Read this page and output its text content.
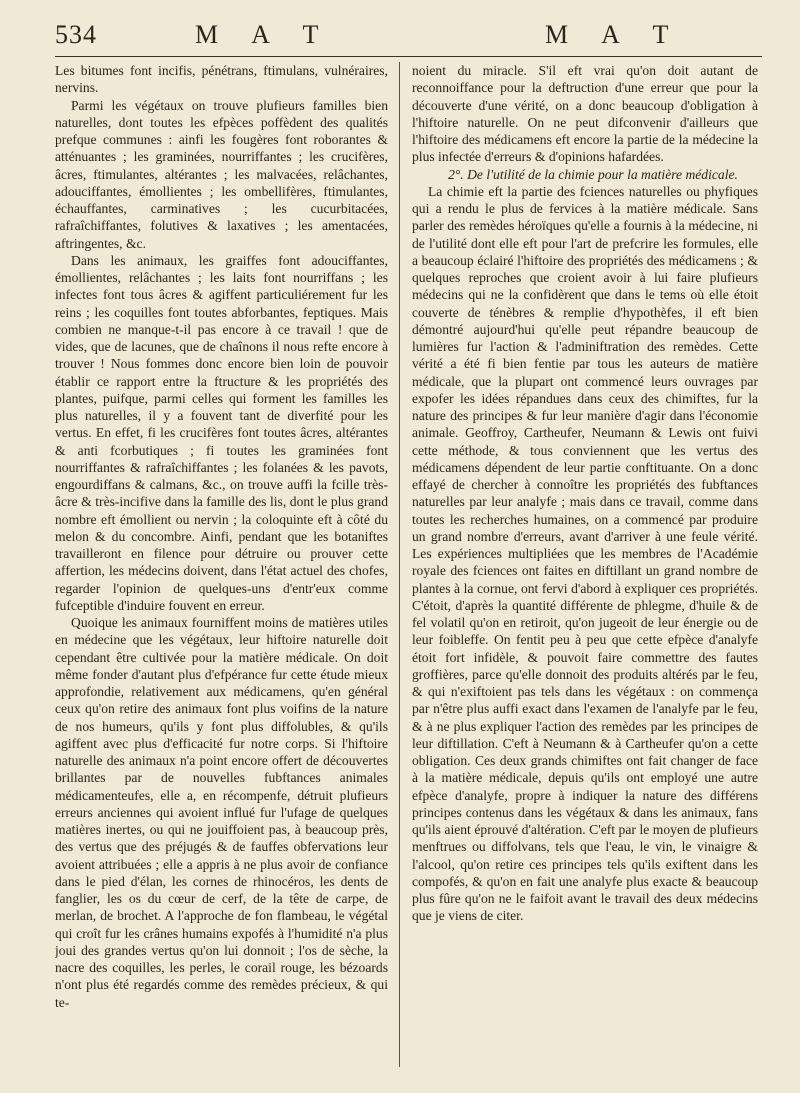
534	M A T	M A T

Les bitumes font incifis, pénétrans, ftimulans, vulnéraires, nervins.

Parmi les végétaux on trouve plufieurs familles bien naturelles, dont toutes les efpèces poffèdent des qualités prefque communes : ainfi les fougères font roborantes & atténuantes ; les graminées, nourriffantes ; les crucifères, âcres, ftimulantes, altérantes ; les malvacées, relâchantes, adouciffantes, émollientes ; les ombellifères, ftimulantes, échauffantes, carminatives ; les cucurbitacées, rafraîchiffantes, folutives & laxatives ; les amentacées, aftringentes, &c.

Dans les animaux, les graiffes font adouciffantes, émollientes, relâchantes ; les laits font nourriffans ; les infectes font tous âcres & agiffent particuliérement fur les reins ; les coquilles font toutes abforbantes, feptiques. Mais combien ne manque-t-il pas encore à ce travail ! que de vides, que de lacunes, que de chaînons il nous refte encore à trouver ! Nous fommes donc encore bien loin de pouvoir établir ce rapport entre la ftructure & les propriétés des plantes, puifque, parmi celles qui forment les familles les plus naturelles, il y a fouvent tant de diverfité pour les vertus. En effet, fi les crucifères font toutes âcres, altérantes & anti fcorbutiques ; fi toutes les graminées font nourriffantes & rafraîchiffantes ; les folanées & les pavots, engourdiffans & calmans, &c., on trouve auffi la fcille très-âcre & très-incifive dans la famille des lis, dont le plus grand nombre eft émollient ou nervin ; la coloquinte eft à côté du melon & du concombre. Ainfi, pendant que les botaniftes travailleront en filence pour détruire ou prouver cette affertion, les médecins doivent, dans l'état actuel des chofes, regarder l'opinion de quelques-uns d'entr'eux comme fufceptible d'induire fouvent en erreur.

Quoique les animaux fourniffent moins de matières utiles en médecine que les végétaux, leur hiftoire naturelle doit cependant être cultivée pour la matière médicale. On doit même fonder d'autant plus d'efpérance fur cette étude mieux approfondie, relativement aux médicamens, qu'en général ceux qu'on retire des animaux font plus voifins de la nature de nos humeurs, qu'ils y font plus diffolubles, & qu'ils agiffent avec plus d'efficacité fur notre corps. Si l'hiftoire naturelle des animaux n'a point encore offert de découvertes brillantes par de nouvelles fubftances animales médicamenteufes, elle a, en récompenfe, détruit plufieurs erreurs anciennes qui avoient influé fur l'ufage de quelques matières inertes, ou qui ne jouiffoient pas, à beaucoup près, des vertus que des préjugés & de fauffes obfervations leur avoient attribuées ; elle a appris à ne plus avoir de confiance dans le pied d'élan, les cornes de rhinocéros, les dents de fanglier, les os du cœur de cerf, de la tête de carpe, de merlan, de brochet. A l'approche de fon flambeau, le végétal qui croît fur les crânes humains expofés à l'humidité n'a plus joui des grandes vertus qu'on lui donnoit ; l'os de sèche, la nacre des coquilles, les perles, le corail rouge, les bézoards n'ont plus été regardés comme des remèdes précieux, & qui te-

noient du miracle. S'il eft vrai qu'on doit autant de reconnoiffance pour la deftruction d'une erreur que pour la découverte d'une vérité, on a donc beaucoup d'obligation à l'hiftoire naturelle. On ne peut difconvenir d'ailleurs que l'hiftoire des médicamens eft encore la partie de la médecine la plus infectée d'erreurs & d'opinions hafardées.

2°. De l'utilité de la chimie pour la matière médicale.

La chimie eft la partie des fciences naturelles ou phyfiques qui a rendu le plus de fervices à la matière médicale. Sans parler des remèdes héroïques qu'elle a fournis à la médecine, ni de l'utilité dont elle eft pour l'art de prefcrire les formules, elle a beaucoup éclairé l'hiftoire des propriétés des médicamens ; & quelques reproches que croient avoir à lui faire plufieurs médecins qui ne la confidèrent que dans le tems où elle étoit couverte de ténèbres & remplie d'hypothèfes, il eft bien démontré aujourd'hui qu'elle peut répandre beaucoup de lumières fur l'action & l'adminiftration des remèdes. Cette vérité a été fi bien fentie par tous les auteurs de matière médicale, que la plupart ont commencé leurs ouvrages par expofer les idées répandues dans ceux des chimiftes, fur la nature des principes & fur leur manière d'agir dans l'économie animale. Geoffroy, Cartheufer, Neumann & Lewis ont fuivi cette méthode, & tous conviennent que les vertus des médicamens dépendent de leur partie conftituante. On a donc effayé de chercher à connoître les propriétés des fubftances naturelles par leur analyfe ; mais dans ce travail, comme dans toutes les recherches humaines, on a commencé par produire un grand nombre d'erreurs, avant d'arriver à une feule vérité. Les expériences multipliées que les membres de l'Académie royale des fciences ont faites en diftillant un grand nombre de plantes à la cornue, ont fervi d'abord à expliquer ces propriétés. C'étoit, d'après la quantité différente de phlegme, d'huile & de fel volatil qu'on en retiroit, qu'on jugeoit de leur énergie ou de leur foibleffe. On fentit peu à peu que cette efpèce d'analyfe étoit fort infidèle, & pouvoit faire commettre des fautes groffières, parce qu'elle donnoit des produits altérés par le feu, & qui n'exiftoient pas tels dans les végétaux : on commença par n'être plus auffi exact dans l'examen de l'analyfe par le feu, & à ne plus expliquer l'action des remèdes par les principes de leur diftillation. C'eft à Neumann & à Cartheufer qu'on a cette obligation. Ces deux grands chimiftes ont fait changer de face à la matière médicale, depuis qu'ils ont employé une autre efpèce d'analyfe, propre à indiquer la nature des différens principes contenus dans les végétaux & dans les animaux, fans qu'ils aient éprouvé d'altération. C'eft par le moyen de plufieurs menftrues ou diffolvans, tels que l'eau, le vin, le vinaigre & l'alcool, qu'on retire ces principes tels qu'ils exiftent dans les compofés, & qu'on en fait une analyfe plus exacte & beaucoup plus fûre qu'on ne le faifoit avant le travail des deux médecins que je viens de citer.
